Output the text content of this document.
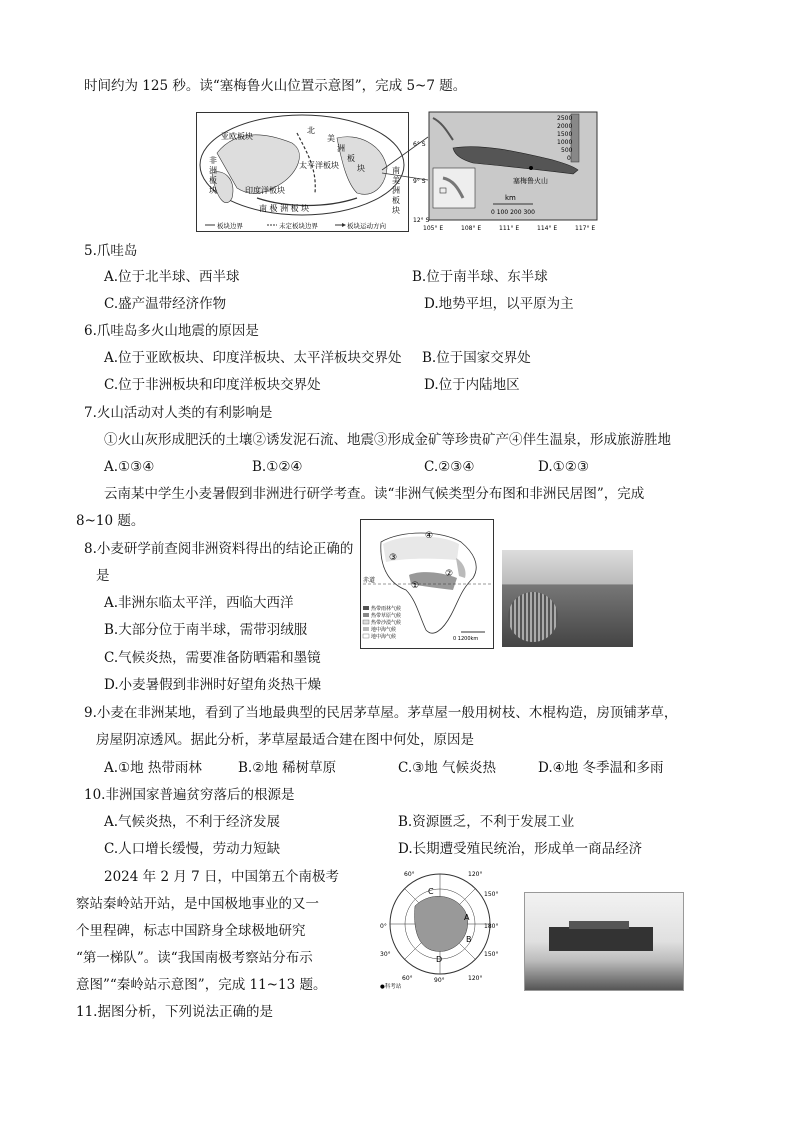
时间约为 125 秒。读“塞梅鲁火山位置示意图”，完成 5~7 题。
亚欧板块
北
美
洲
板
块
太平洋板块
非
洲
板
块	印度洋板块
南
美
洲
板
块
南 极 洲 板 块
板块边界	未定板块边界	板块运动方向
2500
2000
1500
1000
500
0
塞梅鲁火山
km
0 100 200 300
6° S
9° S
12° S
105° E	108° E	111° E	114° E	117° E
5.爪哇岛
A.位于北半球、西半球	B.位于南半球、东半球
C.盛产温带经济作物	D.地势平坦，以平原为主
6.爪哇岛多火山地震的原因是
A.位于亚欧板块、印度洋板块、太平洋板块交界处 B.位于国家交界处
C.位于非洲板块和印度洋板块交界处	D.位于内陆地区
7.火山活动对人类的有利影响是
①火山灰形成肥沃的土壤②诱发泥石流、地震③形成金矿等珍贵矿产④伴生温泉，形成旅游胜地
A.①③④	B.①②④	C.②③④	D.①②③
云南某中学生小麦暑假到非洲进行研学考查。读“非洲气候类型分布图和非洲民居图”，完成
8~10 题。
④
③
②
①
赤道
热带雨林气候
热带草原气候
热带沙漠气候
地中海气候
地中海气候	0 1200km
8.小麦研学前查阅非洲资料得出的结论正确的
是
A.非洲东临太平洋，西临大西洋
B.大部分位于南半球，需带羽绒服
C.气候炎热，需要准备防晒霜和墨镜
D.小麦暑假到非洲时好望角炎热干燥
9.小麦在非洲某地，看到了当地最典型的民居茅草屋。茅草屋一般用树枝、木棍构造，房顶铺茅草，
房屋阴凉透风。据此分析，茅草屋最适合建在图中何处，原因是
A.①地 热带雨林	B.②地 稀树草原	C.③地 气候炎热	D.④地 冬季温和多雨
10.非洲国家普遍贫穷落后的根源是
A.气候炎热，不利于经济发展	B.资源匮乏，不利于发展工业
C.人口增长缓慢，劳动力短缺	D.长期遭受殖民统治，形成单一商品经济
2024 年 2 月 7 日，中国第五个南极考
察站秦岭站开站，是中国极地事业的又一
个里程碑，标志中国跻身全球极地研究
“第一梯队”。读“我国南极考察站分布示
意图”“秦岭站示意图”，完成 11~13 题。
60°	120°
150°
180°
150°
120°
90°
60°
30°
0°
C
A
B
D
●科考站
11.据图分析，下列说法正确的是
